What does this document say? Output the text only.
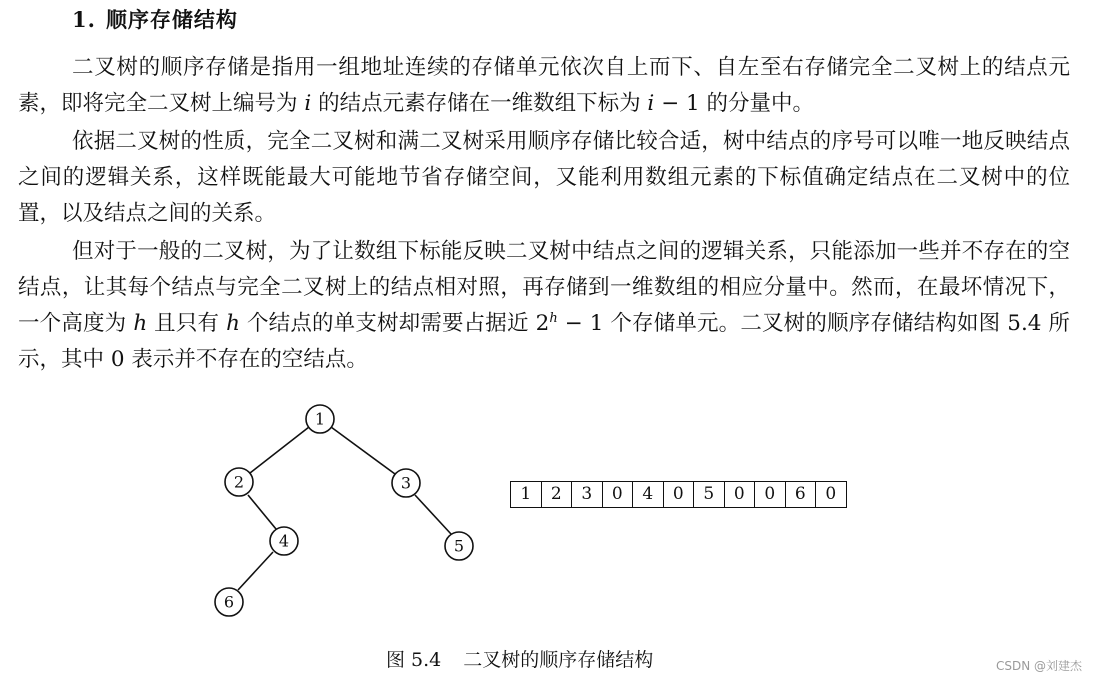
1. 顺序存储结构

二叉树的顺序存储是指用一组地址连续的存储单元依次自上而下、自左至右存储完全二叉树上的结点元素，即将完全二叉树上编号为 i 的结点元素存储在一维数组下标为 i − 1 的分量中。

依据二叉树的性质，完全二叉树和满二叉树采用顺序存储比较合适，树中结点的序号可以唯一地反映结点之间的逻辑关系，这样既能最大可能地节省存储空间，又能利用数组元素的下标值确定结点在二叉树中的位置，以及结点之间的关系。

但对于一般的二叉树，为了让数组下标能反映二叉树中结点之间的逻辑关系，只能添加一些并不存在的空结点，让其每个结点与完全二叉树上的结点相对照，再存储到一维数组的相应分量中。然而，在最坏情况下，一个高度为 h 且只有 h 个结点的单支树却需要占据近 $2^h - 1$ 个存储单元。二叉树的顺序存储结构如图 5.4 所示，其中 0 表示并不存在的空结点。

1
2	3
4	5
6
1	2	3	0	4	0	5	0	0	6	0
图 5.4 二叉树的顺序存储结构	CSDN @刘建杰
